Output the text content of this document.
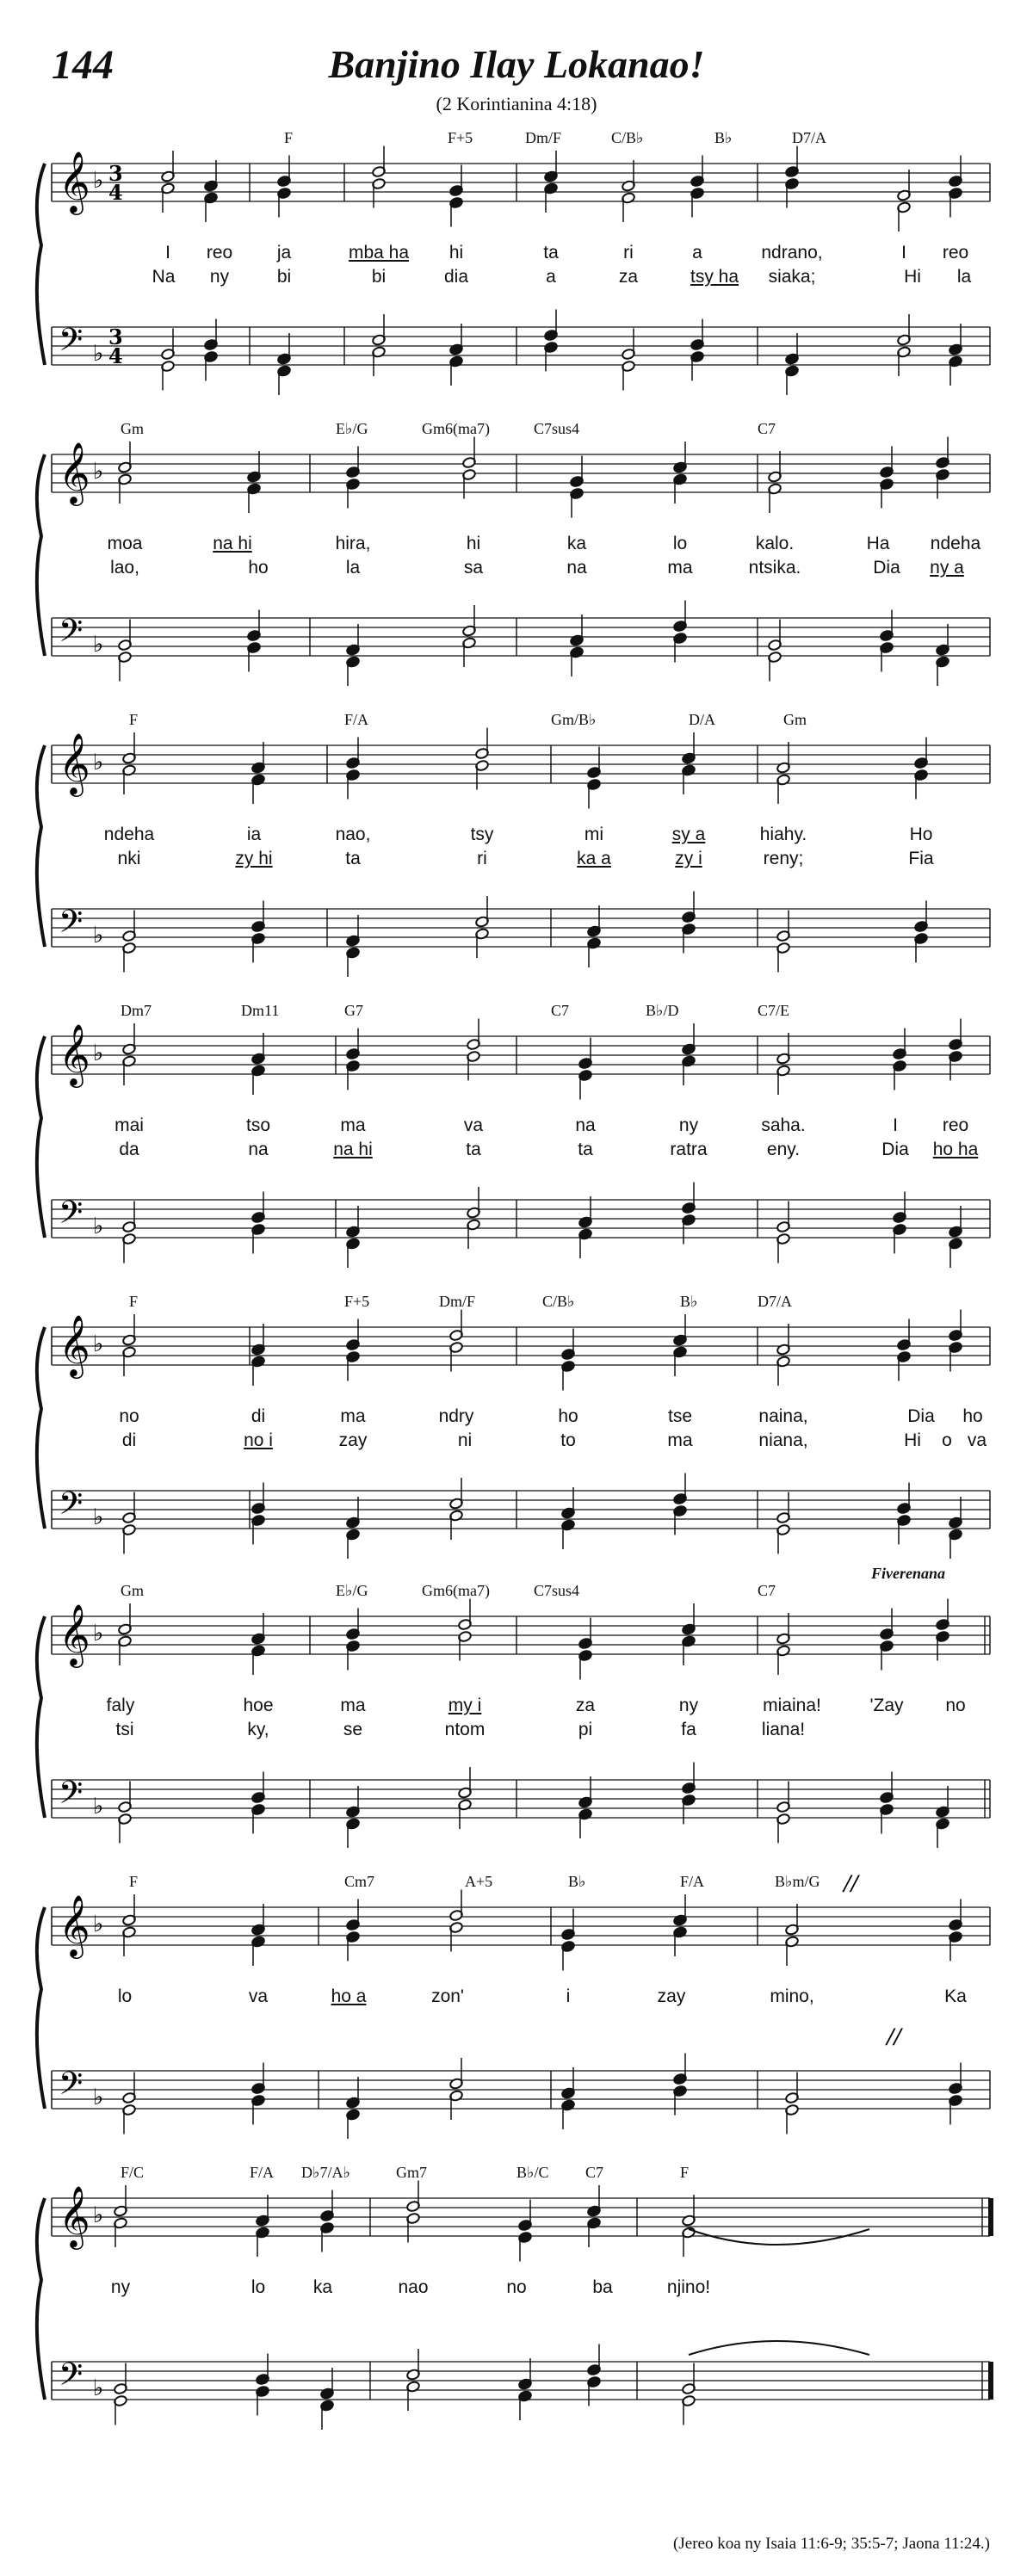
144	Banjino Ilay Lokanao!
(2 Korintianina 4:18)
𝄞
𝄢
♭
♭
3
4
3
4
F	F+5	Dm/F	C/B♭	B♭	D7/A
I reo ja	mba ha hi	ta	ri	a	ndrano,	I reo
Na ny	bi	bi	dia	a	za	tsy ha siaka;	Hi la
𝄞
𝄢
♭
♭
Gm	E♭/G	Gm6(ma7)	C7sus4	C7
moa	na hi	hira,	hi	ka	lo	kalo.	Ha ndeha
lao,	ho	la	sa	na	ma	ntsika.	Dia ny a
𝄞
𝄢
♭
♭
F	F/A	Gm/B♭	D/A	Gm
ndeha	ia	nao,	tsy	mi	sy a	hiahy.	Ho
nki	zy hi	ta	ri	ka a	zy i	reny;	Fia
𝄞
𝄢
♭
♭
Dm7	Dm11	G7	C7	B♭/D	C7/E
mai	tso	ma	va	na	ny	saha.	I reo
da	na	na hi	ta	ta	ratra	eny.	Dia ho ha
𝄞
𝄢
♭
♭
F	F+5	Dm/F	C/B♭	B♭	D7/A
no	di	ma	ndry	ho	tse	naina,	Dia ho
di	no i	zay	ni	to	ma	niana,	Hi o va
𝄞
𝄢
♭
♭
Gm	E♭/G	Gm6(ma7)	C7sus4	C7
Fiverenana
faly	hoe	ma	my i	za	ny	miaina!	'Zay no
tsi	ky,	se	ntom	pi	fa	liana!
𝄞
𝄢
♭
♭
//
//
F	Cm7	A+5	B♭	F/A	B♭m/G
lo	va	ho a	zon'	i	zay	mino,	Ka
𝄞
𝄢
♭
♭
F/C	F/A D♭7/A♭	Gm7	B♭/C C7	F
ny	lo	ka	nao	no	ba	njino!
(Jereo koa ny Isaia 11:6-9; 35:5-7; Jaona 11:24.)
